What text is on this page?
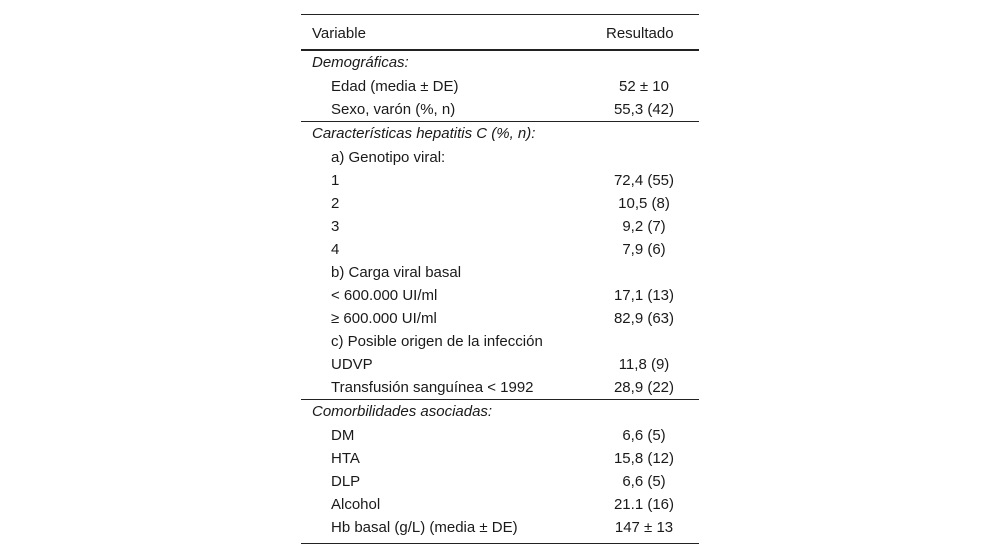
Variable	Resultado
Demográficas:	
Edad (media ± DE)	52 ± 10
Sexo, varón (%, n)	55,3 (42)
Características hepatitis C (%, n):	
a) Genotipo viral:	
1	72,4 (55)
2	10,5 (8)
3	9,2 (7)
4	7,9 (6)
b) Carga viral basal	
< 600.000 UI/ml	17,1 (13)
≥ 600.000 UI/ml	82,9 (63)
c) Posible origen de la infección	
UDVP	11,8 (9)
Transfusión sanguínea < 1992	28,9 (22)
Comorbilidades asociadas:	
DM	6,6 (5)
HTA	15,8 (12)
DLP	6,6 (5)
Alcohol	21.1 (16)
Hb basal (g/L) (media ± DE)	147 ± 13
